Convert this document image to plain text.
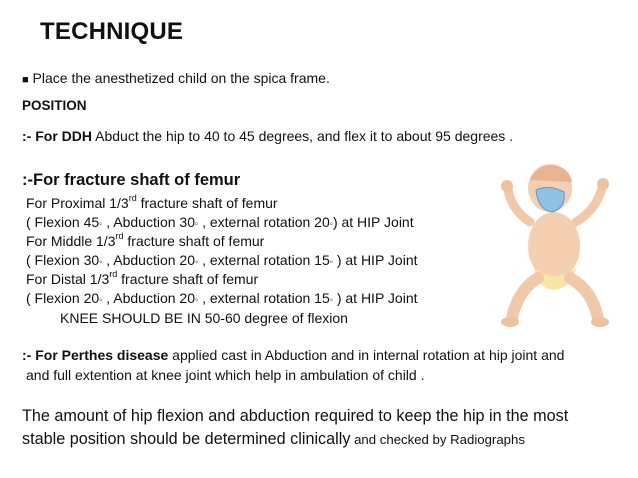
TECHNIQUE
■ Place the anesthetized child on the spica frame.
POSITION
:- For DDH Abduct the hip to 40 to 45 degrees, and flex it to about 95 degrees .
:-For fracture shaft of femur
For Proximal 1/3rd fracture shaft of femur
( Flexion 45◦ , Abduction 30◦ , external rotation 20◦) at HIP Joint
For Middle 1/3rd fracture shaft of femur
( Flexion 30◦ , Abduction 20◦ , external rotation 15◦ ) at HIP Joint
For Distal 1/3rd fracture shaft of femur
( Flexion 20◦ , Abduction 20◦ , external rotation 15◦ ) at HIP Joint
KNEE SHOULD BE IN 50-60 degree of flexion
:- For Perthes disease applied cast in Abduction and in internal rotation at hip joint and
and full extention at knee joint which help in ambulation of child .
The amount of hip flexion and abduction required to keep the hip in the most
stable position should be determined clinically and checked by Radiographs
